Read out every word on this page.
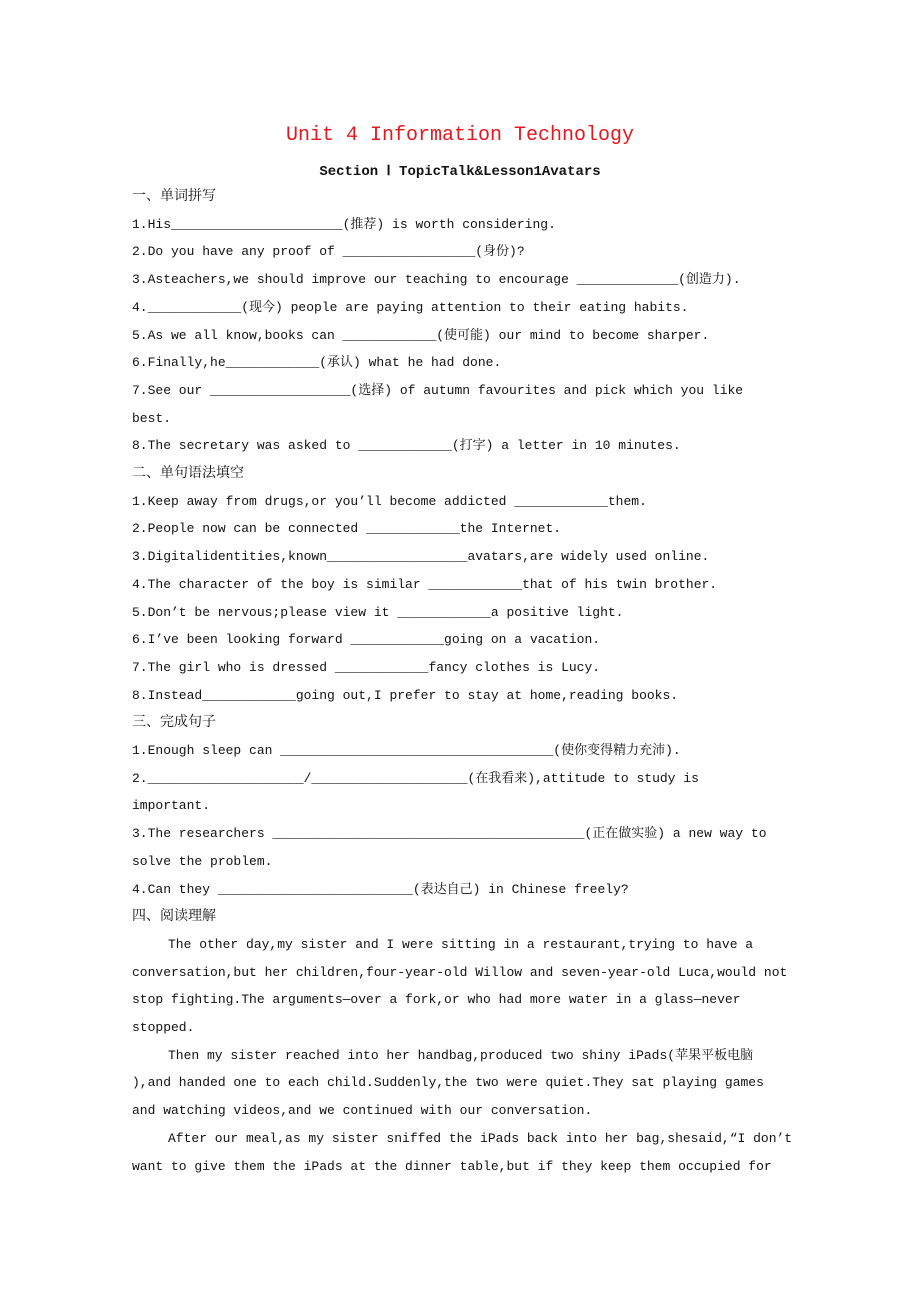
Unit 4 Information Technology
Section Ⅰ TopicTalk&Lesson1Avatars
一、单词拼写
1.His______________________(推荐) is worth considering.
2.Do you have any proof of _________________(身份)?
3.Asteachers,we should improve our teaching to encourage _____________(创造力).
4.____________(现今) people are paying attention to their eating habits.
5.As we all know,books can ____________(使可能) our mind to become sharper.
6.Finally,he____________(承认) what he had done.
7.See our __________________(选择) of autumn favourites and pick which you like
best.
8.The secretary was asked to ____________(打字) a letter in 10 minutes.
二、单句语法填空
1.Keep away from drugs,or you’ll become addicted ____________them.
2.People now can be connected ____________the Internet.
3.Digitalidentities,known__________________avatars,are widely used online.
4.The character of the boy is similar ____________that of his twin brother.
5.Don’t be nervous;please view it ____________a positive light.
6.I’ve been looking forward ____________going on a vacation.
7.The girl who is dressed ____________fancy clothes is Lucy.
8.Instead____________going out,I prefer to stay at home,reading books.
三、完成句子
1.Enough sleep can ___________________________________(使你变得精力充沛).
2.____________________/____________________(在我看来),attitude to study is
important.
3.The researchers ________________________________________(正在做实验) a new way to
solve the problem.
4.Can they _________________________(表达自己) in Chinese freely?
四、阅读理解
The other day,my sister and I were sitting in a restaurant,trying to have a
conversation,but her children,four-year-old Willow and seven-year-old Luca,would not
stop fighting.The arguments—over a fork,or who had more water in a glass—never
stopped.
Then my sister reached into her handbag,produced two shiny iPads(苹果平板电脑
),and handed one to each child.Suddenly,the two were quiet.They sat playing games
and watching videos,and we continued with our conversation.
After our meal,as my sister sniffed the iPads back into her bag,shesaid,“I don’t
want to give them the iPads at the dinner table,but if they keep them occupied for
